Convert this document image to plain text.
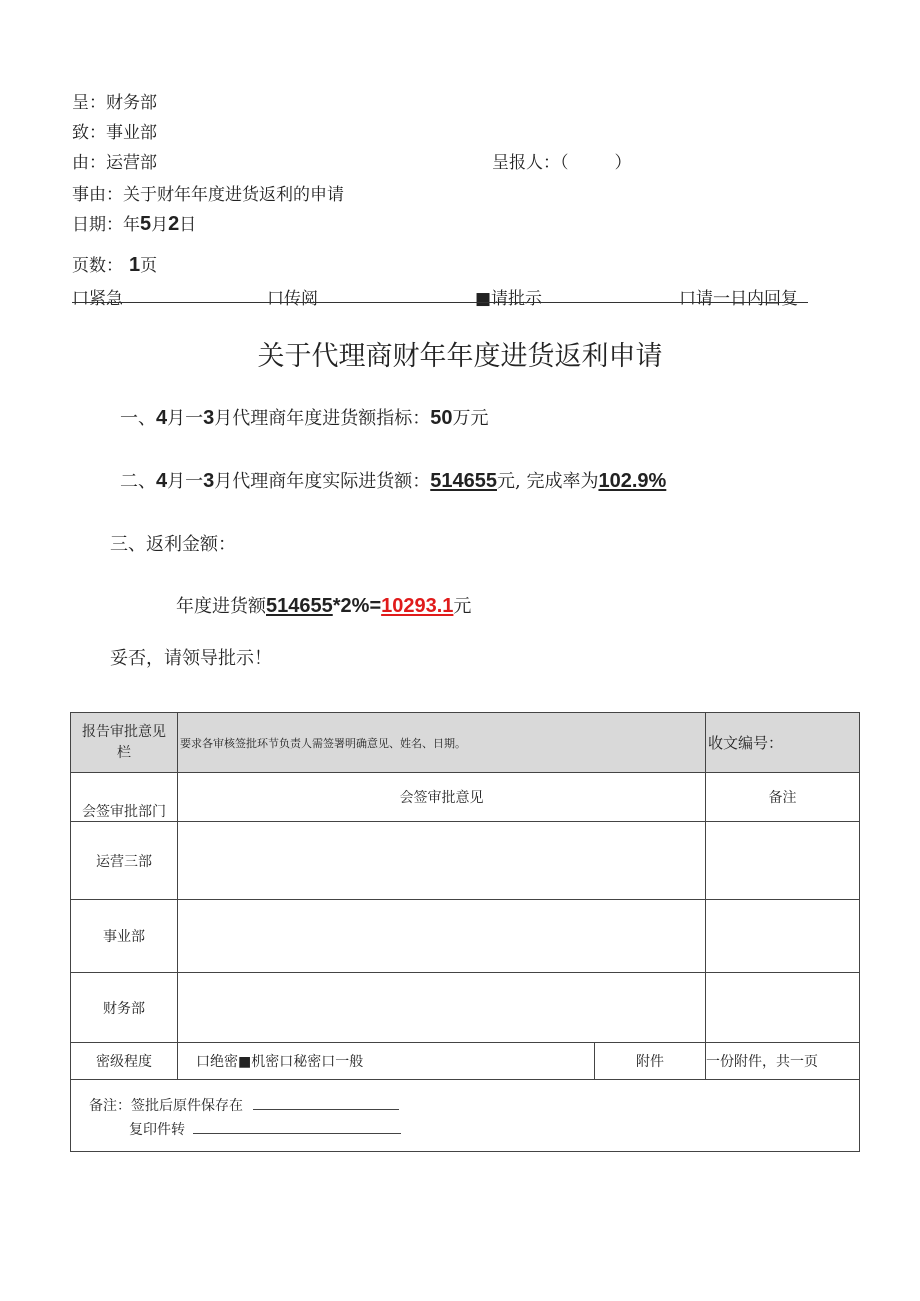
呈：财务部
致：事业部
由：运营部	呈报人：（	）
事由：关于财年年度进货返利的申请
日期：年5月2日
页数： 1页
口紧急	口传阅	■请批示	口请一日内回复
关于代理商财年年度进货返利申请
一、4月一3月代理商年度进货额指标：50万元
二、4月一3月代理商年度实际进货额：514655元, 完成率为102.9%
三、返利金额：
年度进货额514655*2%=10293.1元
妥否，请领导批示！
报告审批意见栏	要求各审核签批环节负责人需签署明确意见、姓名、日期。		收文编号：
会签审批部门	会签审批意见		备注
运营三部			
事业部			
财务部			
密级程度	口绝密■机密口秘密口一般	附件	一份附件，共一页

备注：签批后原件保存在
复印件转			
